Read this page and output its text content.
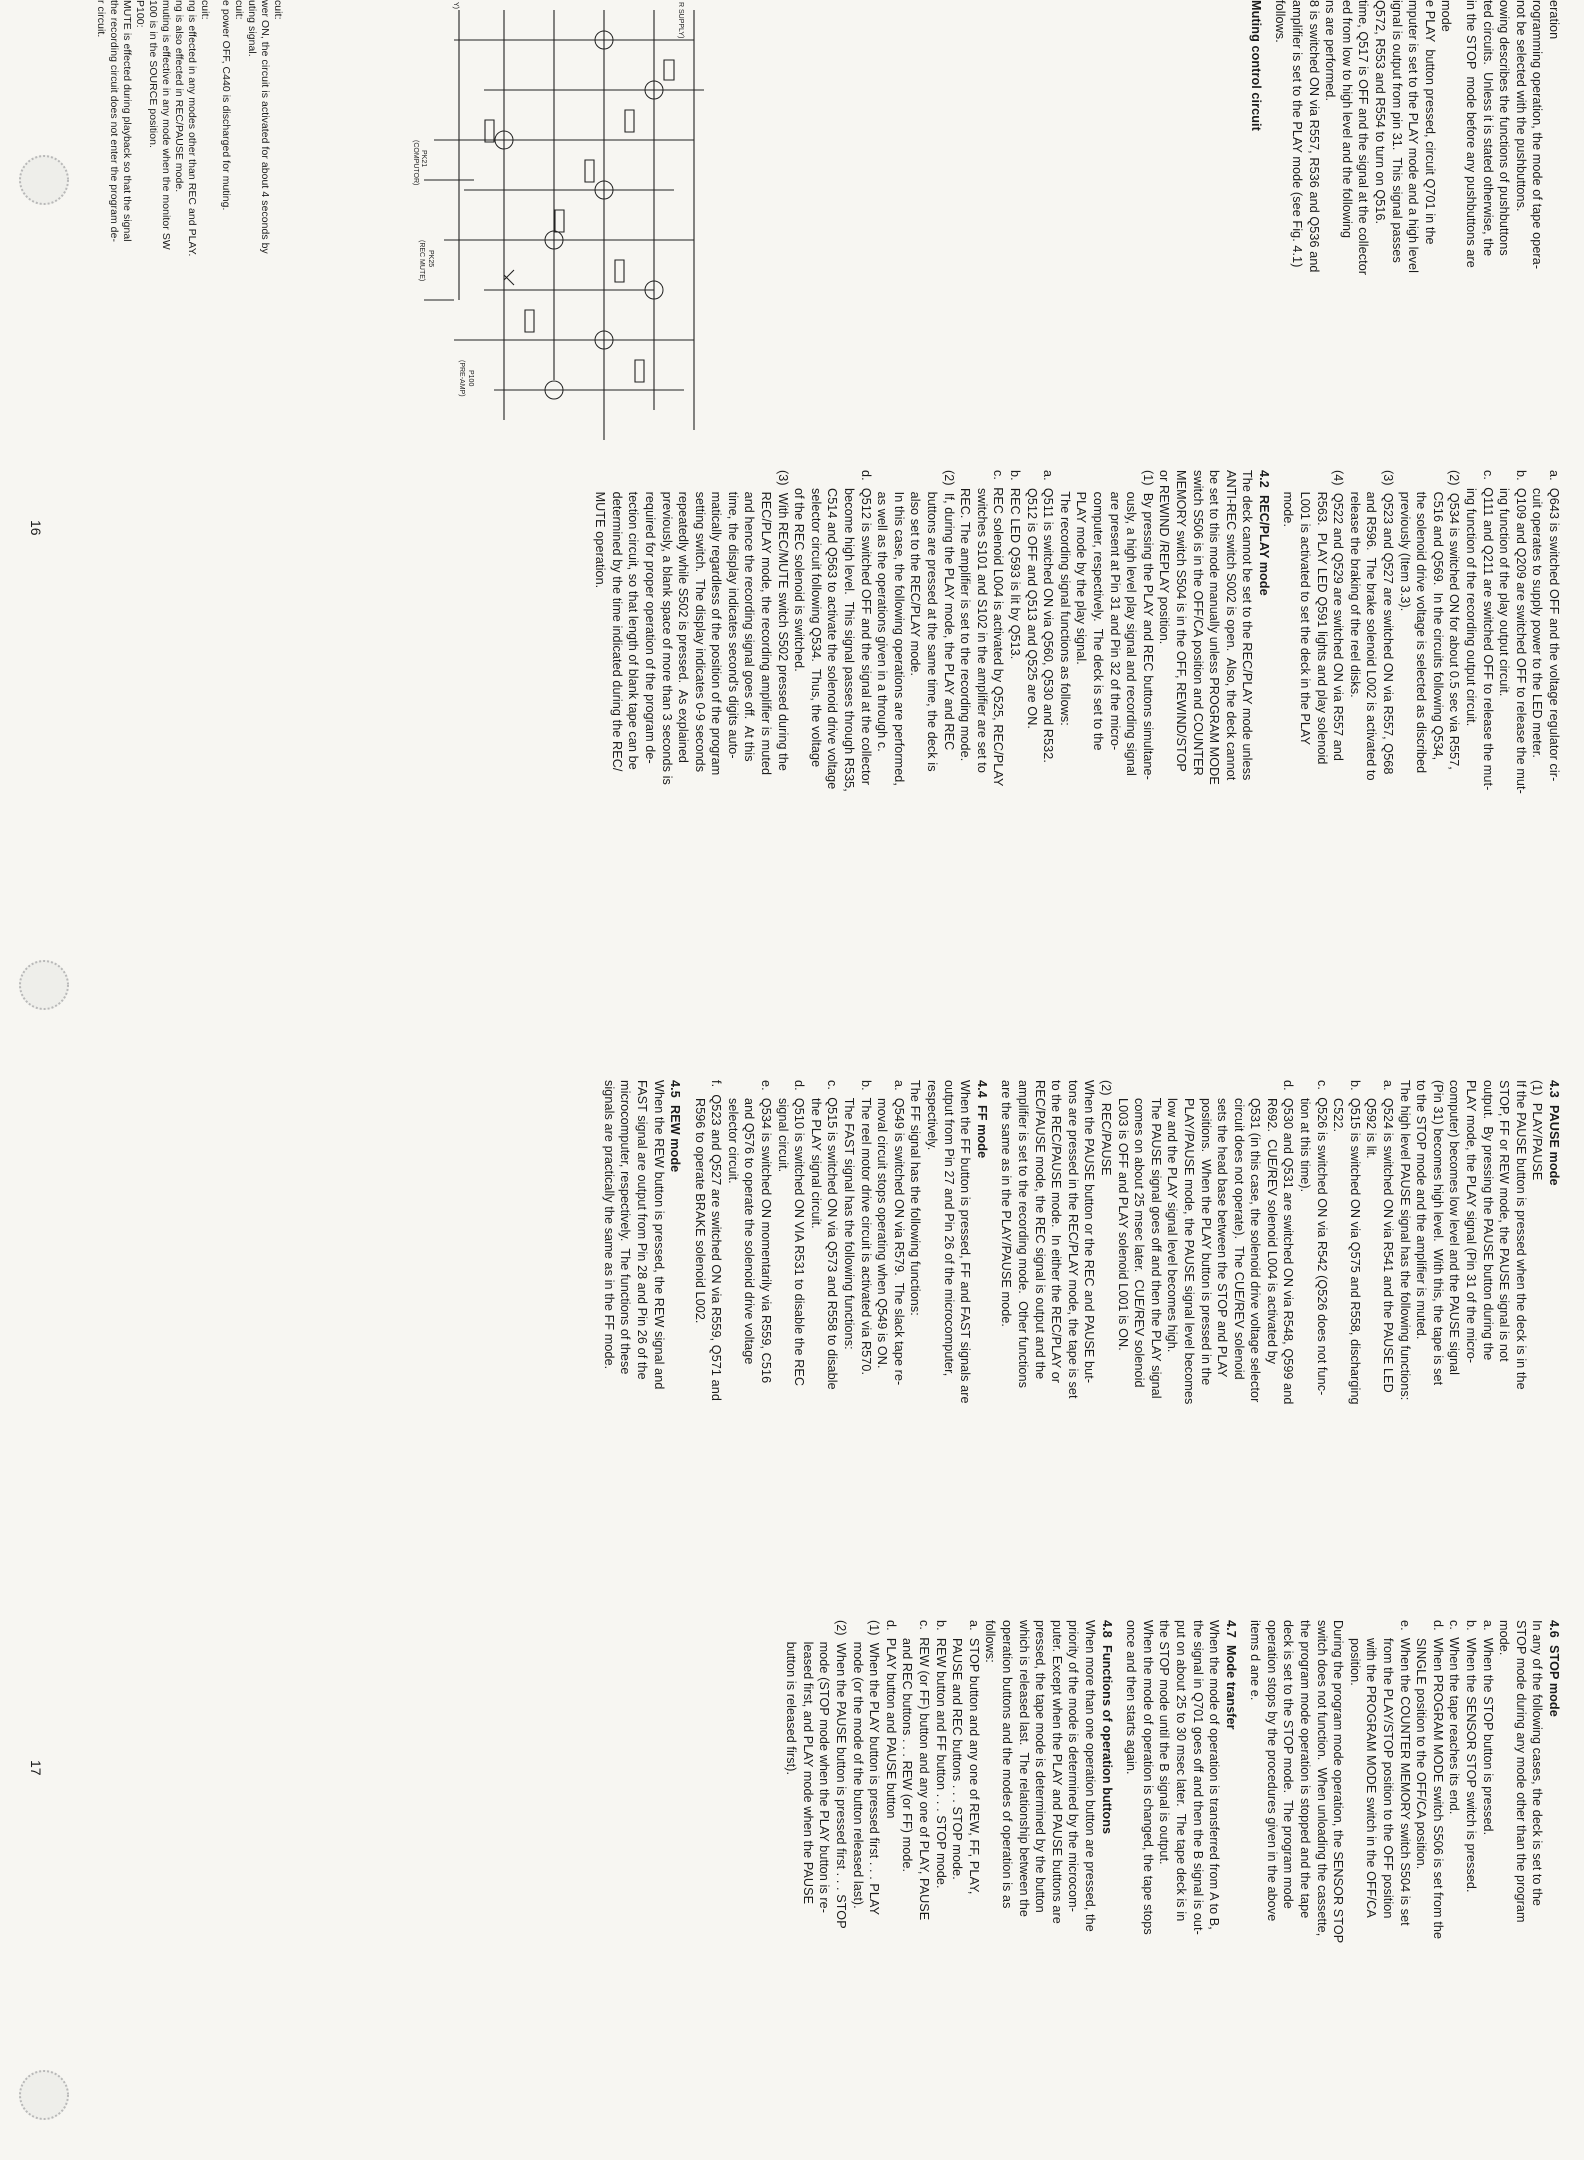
eration
rogramming operation, the mode of tape opera-
not be selected with the pushbuttons.
owing describes the functions of pushbuttons
ted circuits.  Unless it is stated otherwise, the
in the STOP  mode before any pushbuttons are
mode
e PLAY  button pressed, circuit Q701 in the
mputer is set to the PLAY mode and a high level
ignal is output from pin 31.  This signal passes
Q572, R553 and R554 to turn on Q516.
time, Q517 is OFF and the signal at the collector
ed from low to high level and the following
ns are performed.
8 is switched ON via R557, R536 and Q536 and
amplifier is set to the PLAY mode (see Fig. 4.1)
follows.
Muting control circuit
R SUPPLY)
PK21
(COMPUTOR)
PK25
(REC MUTE)
P100
(PRE-AMP)
Y)
cuit:
wer ON, the circuit is activated for about 4 seconds by
uting signal.
cuit:
e power OFF, C440 is discharged for muting.
cuit:
ng is effected in any modes other than REC and PLAY.
ng is also effected in REC/PAUSE mode.
muting is effective in any mode when the monitor SW
100 is in the SOURCE position.
P100:
MUTE is effected during playback so that the signal
the recording circuit does not enter the program de-
r circuit.
a.  Q643 is switched OFF and the voltage regulator cir-
cuit operates to supply power to the LED meter.
b.  Q109 and Q209 are switched OFF to release the mut-
ing function of the play output circuit.
c.  Q111 and Q211 are switched OFF to release the mut-
ing function of the recording output circuit.
(2)  Q534 is switched ON for about 0.5 sec via R557,
C516 and Q569.  In the circuits following Q534,
the solenoid drive voltage is selected as discribed
previously (Item 3.3).
(3)  Q523 and Q527 are switched ON via R557, Q568
and R596.  The brake solenoid L002 is activated to
release the braking of the reel disks.
(4)  Q522 and Q529 are switched ON via R557 and
R563.  PLAY LED Q591 lights and play solenoid
L001 is activated to set the deck in the PLAY
mode.
4.2  REC/PLAY mode
The deck cannot be set to the REC/PLAY mode unless
ANTI-REC switch S002 is open.  Also, the deck cannot
be set to this mode manually unless PROGRAM MODE
switch S506 is in the OFF/CA position and COUNTER
MEMORY switch S504 is in the OFF, REWIND/STOP
or REWIND /REPLAY position.
(1)  By pressing the PLAY and REC buttons simultane-
ously, a high level play signal and recording signal
are present at Pin 31 and Pin 32 of the micro-
computer, respectively.  The deck is set to the
PLAY mode by the play signal.
The recording signal functions as follows:
a.  Q511 is switched ON via Q560, Q530 and R532.
Q512 is OFF and Q513 and Q525 are ON.
b.  REC LED Q593 is lit by Q513.
c.  REC solenoid L004 is activated by Q525, REC/PLAY
switches S101 and S102 in the amplifier are set to
REC. The amplifier is set to the recording mode.
(2)  If, during the PLAY mode, the PLAY and REC
buttons are pressed at the same time, the deck is
also set to the REC/PLAY mode.
In this case, the following operations are performed,
as well as the operations given in a through c.
d.  Q512 is switched OFF and the signal at the collector
become high level.  This signal passes through R535,
C514 and Q563 to activate the solenoid drive voltage
selector circuit following Q534.  Thus, the voltage
of the REC solenoid is switched.
(3)  With REC/MUTE switch S502 pressed during the
REC/PLAY mode, the recording amplifier is muted
and hence the recording signal goes off.  At this
time, the display indicates second's digits auto-
matically regardless of the position of the program
setting switch.  The display indicates 0-9 seconds
repeatedly while S502 is pressed.  As explained
previously, a blank space of more than 3 seconds is
required for proper operation of the program de-
tection circuit, so that length of blank tape can be
determined by the time indicated during the REC/
MUTE operation.
16
4.3  PAUSE mode
(1)  PLAY/PAUSE
If the PAUSE button is pressed when the deck is in the
STOP, FF or REW mode, the PAUSE signal is not
output.  By pressing the PAUSE button during the
PLAY mode, the PLAY signal (Pin 31 of the micro-
computer) becomes low level and the PAUSE signal
(Pin 31) becomes high level.  With this, the tape is set
to the STOP mode and the amplifier is muted.
The high level PAUSE signal has the following functions:
a.  Q524 is switched ON via R541 and the PAUSE LED
Q592 is lit.
b.  Q515 is switched ON via Q575 and R558, discharging
C522.
c.  Q526 is switched ON via R542 (Q526 does not func-
tion at this time).
d.  Q530 and Q531 are switched ON via R548, Q599 and
R692.  CUE/REV solenoid L004 is activated by
Q531 (in this case, the solenoid drive voltage selector
circuit does not operate).  The CUE/REV solenoid
sets the head base between the STOP and PLAY
positions.  When the PLAY button is pressed in the
PLAY/PAUSE mode, the PAUSE signal level becomes
low and the PLAY signal level becomes high.
The PAUSE signal goes off and then the PLAY signal
comes on about 25 msec later.  CUE/REV solenoid
L003 is OFF and PLAY solenoid L001 is ON.
(2)  REC/PAUSE
When the PAUSE button or the REC and PAUSE but-
tons are pressed in the REC/PLAY mode, the tape is set
to the REC/PAUSE mode.  In either the REC/PLAY or
REC/PAUSE mode, the REC signal is output and the
amplifier is set to the recording mode.  Other functions
are the same as in the PLAY/PAUSE mode.
4.4  FF mode
When the FF button is pressed, FF and FAST signals are
output from Pin 27 and Pin 26 of the microcomputer,
respectively.
The FF signal has the following functions:
a.  Q549 is switched ON via R579.  The slack tape re-
moval circuit stops operating when Q549 is ON.
b.  The reel motor drive circuit is activated via R570.
The FAST signal has the following functions:
c.  Q515 is switched ON via Q573 and R558 to disable
the PLAY signal circuit.
d.  Q510 is switched ON VIA R531 to disable the REC
signal circuit.
e.  Q534 is switched ON momentarily via R559, C516
and Q576 to operate the solenoid drive voltage
selector circuit.
f.  Q523 and Q527 are switched ON via R559, Q571 and
R596 to operate BRAKE solenoid L002.
4.5  REW mode
When the REW button is pressed, the REW signal and
FAST signal are output from Pin 28 and Pin 26 of the
microcomputer, respectively.  The functions of these
signals are practically the same as in the FF mode.
4.6  STOP mode
In any of the following cases, the deck is set to the
STOP mode during any mode other than the program
mode.
a.  When the STOP button is pressed.
b.  When the SENSOR STOP switch is pressed.
c.  When the tape reaches its end.
d.  When PROGRAM MODE switch S506 is set from the
SINGLE position to the OFF/CA position.
e.  When the COUNTER MEMORY switch S504 is set
from the PLAY/STOP position to the OFF position
with the PROGRAM MODE switch in the OFF/CA
position.
During the program mode operation, the SENSOR STOP
switch does not function.  When unloading the cassette,
the program mode operation is stopped and the tape
deck is set to the STOP mode.  The program mode
operation stops by the procedures given in the above
items d ane e.
4.7  Mode transfer
When the mode of operation is transferred from A to B,
the signal in Q701 goes off and then the B signal is out-
put on about 25 to 30 msec later.  The tape deck is in
the STOP mode until the B signal is output.
When the mode of operation is changed, the tape stops
once and then starts again.
4.8  Functions of operation buttons
When more than one operation button are pressed, the
priority of the mode is determined by the microcom-
puter. Except when the PLAY and PAUSE buttons are
pressed, the tape mode is determined by the button
which is released last.  The relationship between the
operation buttons and the modes of operation is as
follows:
a.  STOP button and any one of REW, FF, PLAY,
PAUSE and REC buttons . . . STOP mode.
b.  REW button and FF button . . . STOP mode.
c.  REW (or FF) button and any one of PLAY, PAUSE
and REC buttons . . . REW (or FF) mode.
d.  PLAY button and PAUSE button
(1)  When the PLAY button is pressed first . . . PLAY
mode (or the mode of the button released last).
(2)  When the PAUSE button is pressed first . . . STOP
mode (STOP mode when the PLAY button is re-
leased first, and PLAY mode when the PAUSE
button is released first).
17
